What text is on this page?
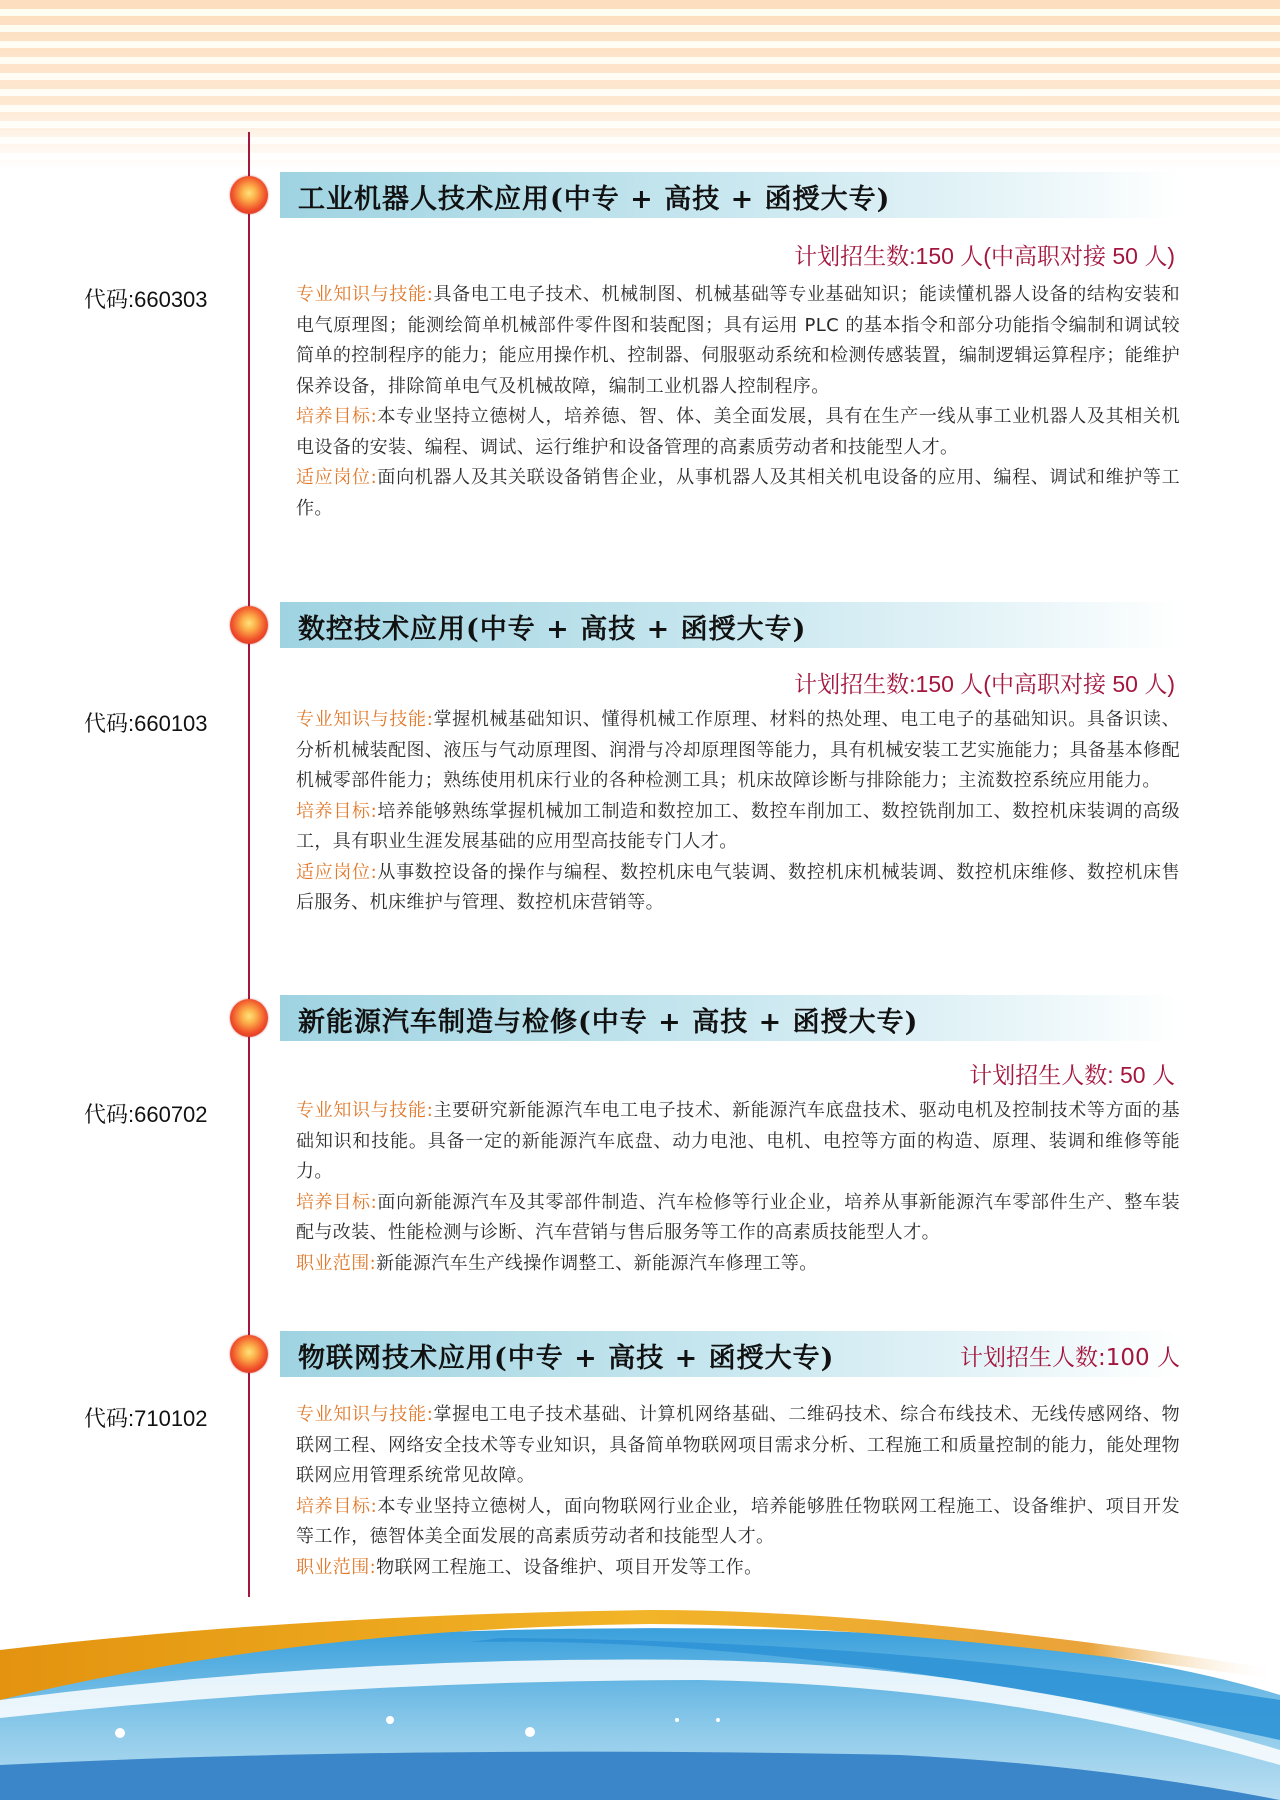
工业机器人技术应用(中专 + 高技 + 函授大专)
计划招生数:150 人(中高职对接 50 人)
代码:660303	专业知识与技能:具备电工电子技术、机械制图、机械基础等专业基础知识；能读懂机器人设备的结构安装和电气原理图；能测绘简单机械部件零件图和装配图；具有运用 PLC 的基本指令和部分功能指令编制和调试较简单的控制程序的能力；能应用操作机、控制器、伺服驱动系统和检测传感装置，编制逻辑运算程序；能维护保养设备，排除简单电气及机械故障，编制工业机器人控制程序。

培养目标:本专业坚持立德树人，培养德、智、体、美全面发展，具有在生产一线从事工业机器人及其相关机电设备的安装、编程、调试、运行维护和设备管理的高素质劳动者和技能型人才。

适应岗位:面向机器人及其关联设备销售企业，从事机器人及其相关机电设备的应用、编程、调试和维护等工作。

数控技术应用(中专 + 高技 + 函授大专)
计划招生数:150 人(中高职对接 50 人)
代码:660103	专业知识与技能:掌握机械基础知识、懂得机械工作原理、材料的热处理、电工电子的基础知识。具备识读、分析机械装配图、液压与气动原理图、润滑与冷却原理图等能力，具有机械安装工艺实施能力；具备基本修配机械零部件能力；熟练使用机床行业的各种检测工具；机床故障诊断与排除能力；主流数控系统应用能力。

培养目标:培养能够熟练掌握机械加工制造和数控加工、数控车削加工、数控铣削加工、数控机床装调的高级工，具有职业生涯发展基础的应用型高技能专门人才。

适应岗位:从事数控设备的操作与编程、数控机床电气装调、数控机床机械装调、数控机床维修、数控机床售后服务、机床维护与管理、数控机床营销等。

新能源汽车制造与检修(中专 + 高技 + 函授大专)
计划招生人数: 50 人
代码:660702	专业知识与技能:主要研究新能源汽车电工电子技术、新能源汽车底盘技术、驱动电机及控制技术等方面的基础知识和技能。具备一定的新能源汽车底盘、动力电池、电机、电控等方面的构造、原理、装调和维修等能力。

培养目标:面向新能源汽车及其零部件制造、汽车检修等行业企业，培养从事新能源汽车零部件生产、整车装配与改装、性能检测与诊断、汽车营销与售后服务等工作的高素质技能型人才。

职业范围:新能源汽车生产线操作调整工、新能源汽车修理工等。

物联网技术应用(中专 + 高技 + 函授大专)	计划招生人数:100 人
代码:710102	专业知识与技能:掌握电工电子技术基础、计算机网络基础、二维码技术、综合布线技术、无线传感网络、物联网工程、网络安全技术等专业知识，具备简单物联网项目需求分析、工程施工和质量控制的能力，能处理物联网应用管理系统常见故障。

培养目标:本专业坚持立德树人，面向物联网行业企业，培养能够胜任物联网工程施工、设备维护、项目开发等工作，德智体美全面发展的高素质劳动者和技能型人才。

职业范围:物联网工程施工、设备维护、项目开发等工作。
